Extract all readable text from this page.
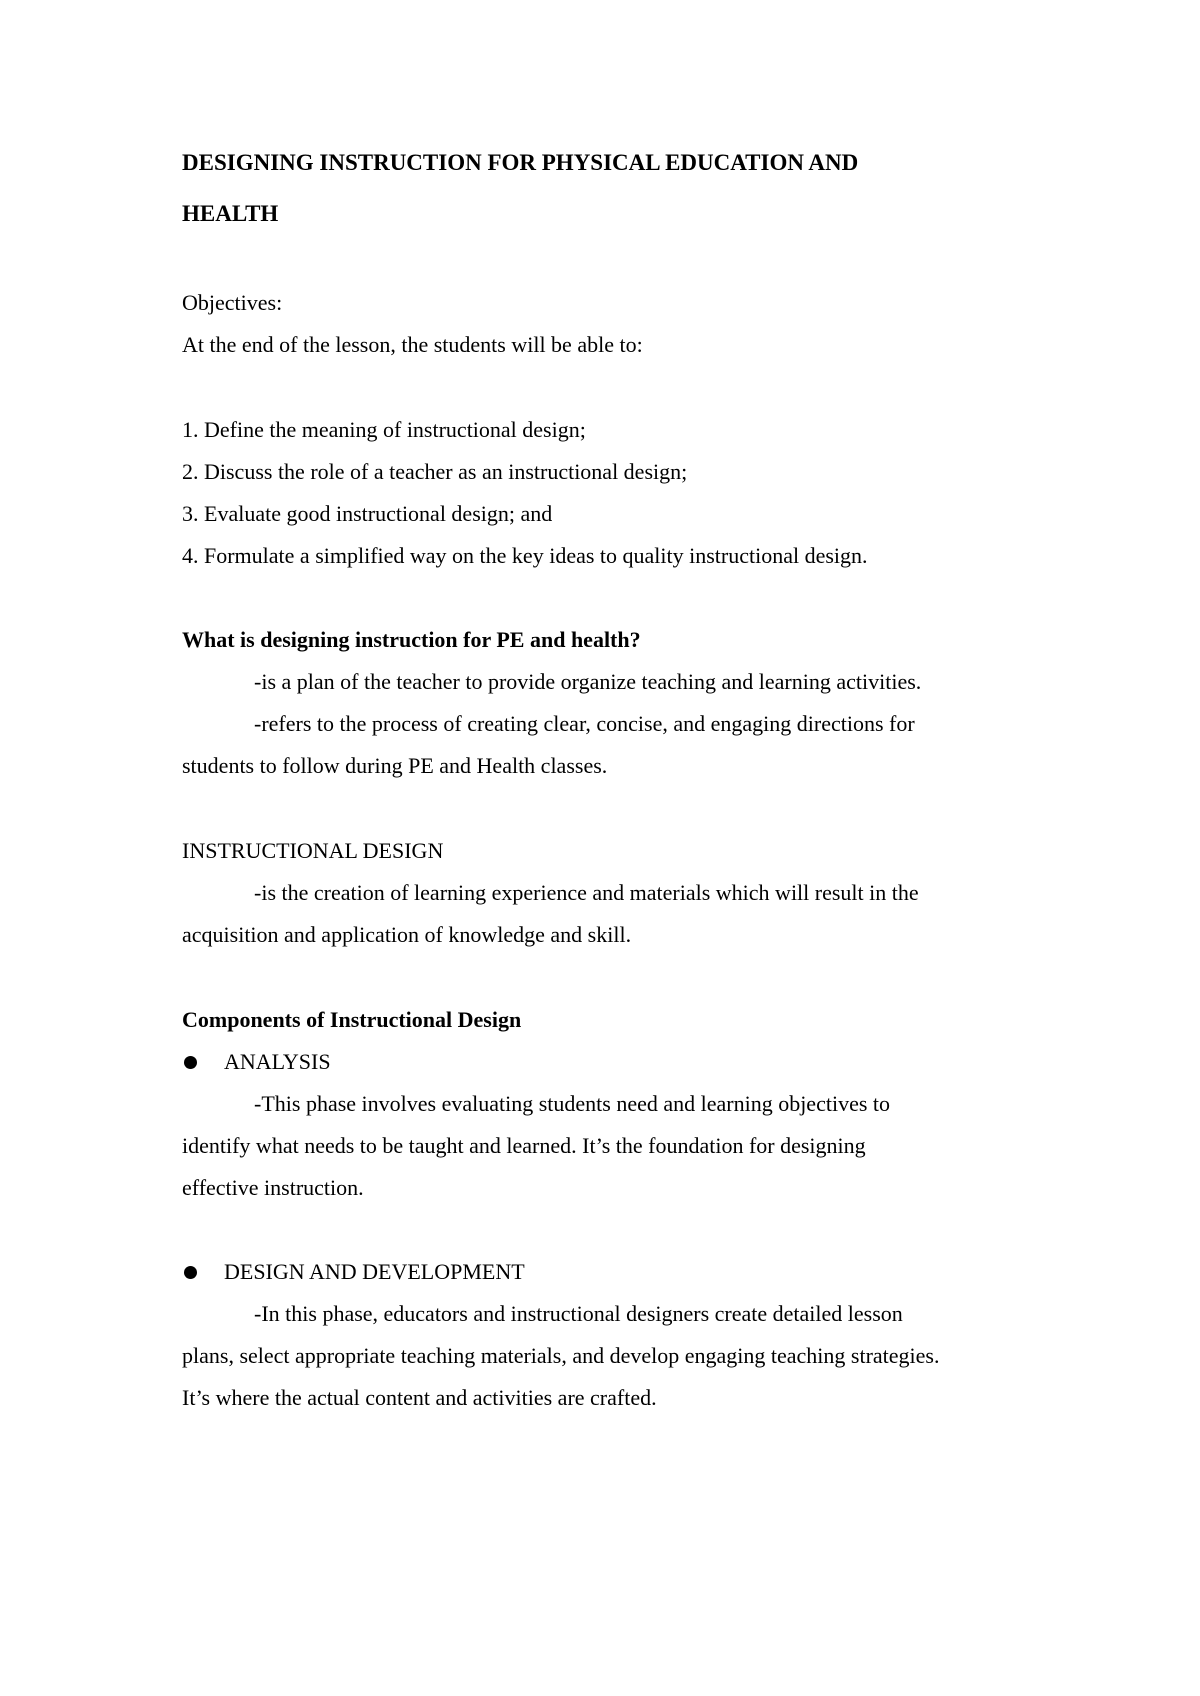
DESIGNING INSTRUCTION FOR PHYSICAL EDUCATION AND
HEALTH
Objectives:
At the end of the lesson, the students will be able to:
1. Define the meaning of instructional design;
2. Discuss the role of a teacher as an instructional design;
3. Evaluate good instructional design; and
4. Formulate a simplified way on the key ideas to quality instructional design.
What is designing instruction for PE and health?
-is a plan of the teacher to provide organize teaching and learning activities.
-refers to the process of creating clear, concise, and engaging directions for
students to follow during PE and Health classes.
INSTRUCTIONAL DESIGN
-is the creation of learning experience and materials which will result in the
acquisition and application of knowledge and skill.
Components of Instructional Design
ANALYSIS
-This phase involves evaluating students need and learning objectives to
identify what needs to be taught and learned. It’s the foundation for designing
effective instruction.
DESIGN AND DEVELOPMENT
-In this phase, educators and instructional designers create detailed lesson
plans, select appropriate teaching materials, and develop engaging teaching strategies.
It’s where the actual content and activities are crafted.
